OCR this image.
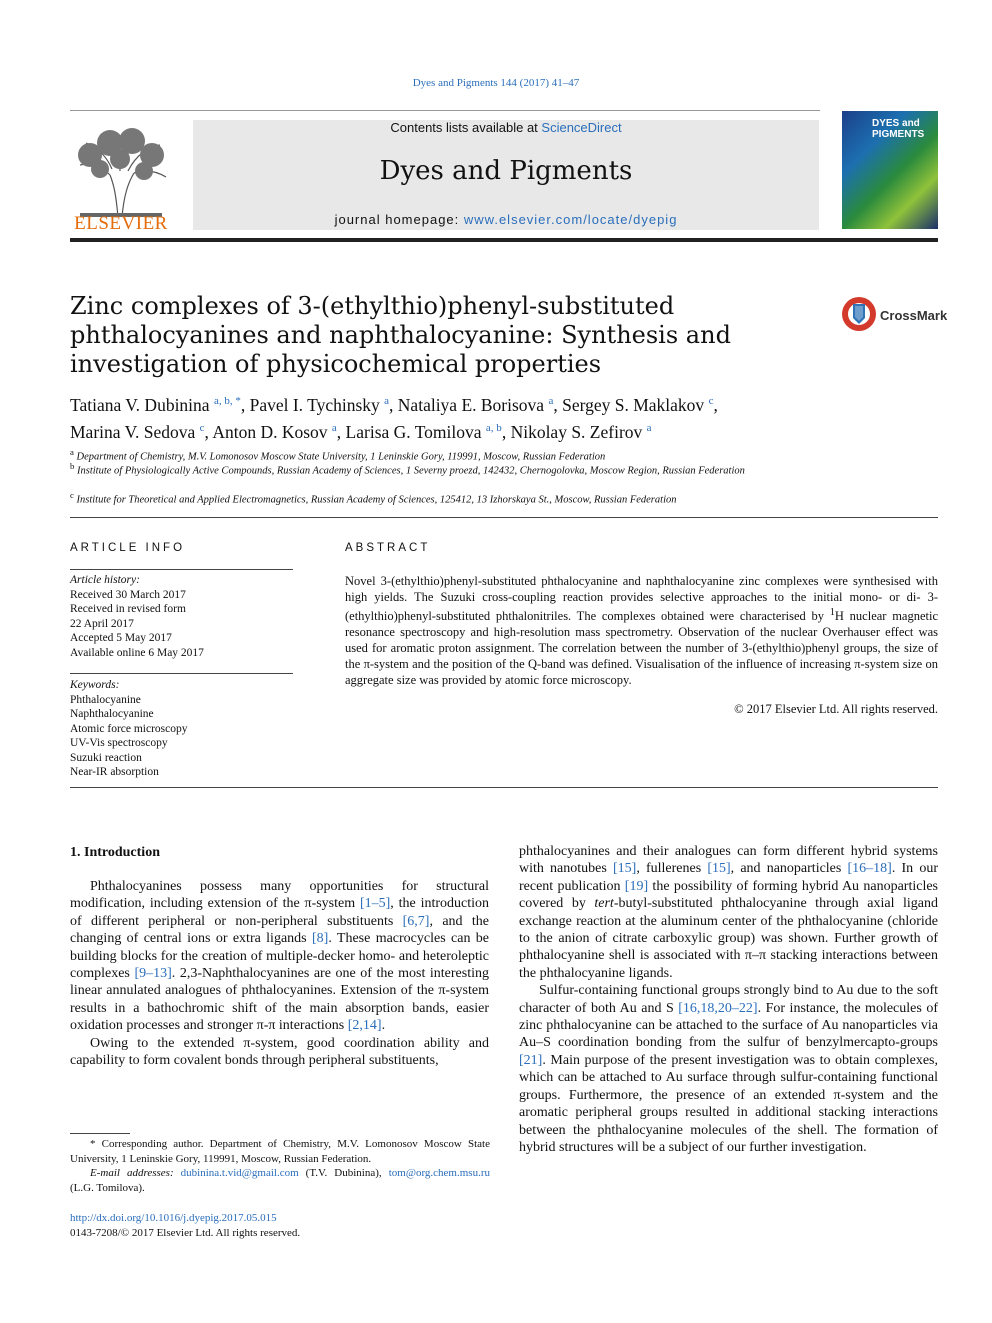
Dyes and Pigments 144 (2017) 41–47
ELSEVIER
Contents lists available at ScienceDirect
Dyes and Pigments
journal homepage: www.elsevier.com/locate/dyepig
DYES and PIGMENTS
Zinc complexes of 3-(ethylthio)phenyl-substituted phthalocyanines and naphthalocyanine: Synthesis and investigation of physicochemical properties
CrossMark
Tatiana V. Dubinina $^{a, b, *}$, Pavel I. Tychinsky $^a$, Nataliya E. Borisova $^a$, Sergey S. Maklakov $^c$,
Marina V. Sedova $^c$, Anton D. Kosov $^a$, Larisa G. Tomilova $^{a, b}$, Nikolay S. Zefirov $^a$
$^a$ Department of Chemistry, M.V. Lomonosov Moscow State University, 1 Leninskie Gory, 119991, Moscow, Russian Federation
$^b$ Institute of Physiologically Active Compounds, Russian Academy of Sciences, 1 Severny proezd, 142432, Chernogolovka, Moscow Region, Russian Federation
$^c$ Institute for Theoretical and Applied Electromagnetics, Russian Academy of Sciences, 125412, 13 Izhorskaya St., Moscow, Russian Federation
ARTICLE INFO
Article history:
Received 30 March 2017
Received in revised form
22 April 2017
Accepted 5 May 2017
Available online 6 May 2017
Keywords:
Phthalocyanine
Naphthalocyanine
Atomic force microscopy
UV-Vis spectroscopy
Suzuki reaction
Near-IR absorption
ABSTRACT
Novel 3-(ethylthio)phenyl-substituted phthalocyanine and naphthalocyanine zinc complexes were synthesised with high yields. The Suzuki cross-coupling reaction provides selective approaches to the initial mono- or di- 3-(ethylthio)phenyl-substituted phthalonitriles. The complexes obtained were characterised by $^1$H nuclear magnetic resonance spectroscopy and high-resolution mass spectrometry. Observation of the nuclear Overhauser effect was used for aromatic proton assignment. The correlation between the number of 3-(ethylthio)phenyl groups, the size of the π-system and the position of the Q-band was defined. Visualisation of the influence of increasing π-system size on aggregate size was provided by atomic force microscopy.
© 2017 Elsevier Ltd. All rights reserved.
1. Introduction
Phthalocyanines possess many opportunities for structural modification, including extension of the π-system [1–5], the introduction of different peripheral or non-peripheral substituents [6,7], and the changing of central ions or extra ligands [8]. These macrocycles can be building blocks for the creation of multiple-decker homo- and heteroleptic complexes [9–13]. 2,3-Naphthalocyanines are one of the most interesting linear annulated analogues of phthalocyanines. Extension of the π-system results in a bathochromic shift of the main absorption bands, easier oxidation processes and stronger π-π interactions [2,14].
Owing to the extended π-system, good coordination ability and capability to form covalent bonds through peripheral substituents,
phthalocyanines and their analogues can form different hybrid systems with nanotubes [15], fullerenes [15], and nanoparticles [16–18]. In our recent publication [19] the possibility of forming hybrid Au nanoparticles covered by tert-butyl-substituted phthalocyanine through axial ligand exchange reaction at the aluminum center of the phthalocyanine (chloride to the anion of citrate carboxylic group) was shown. Further growth of phthalocyanine shell is associated with π–π stacking interactions between the phthalocyanine ligands.
Sulfur-containing functional groups strongly bind to Au due to the soft character of both Au and S [16,18,20–22]. For instance, the molecules of zinc phthalocyanine can be attached to the surface of Au nanoparticles via Au–S coordination bonding from the sulfur of benzylmercapto-groups [21]. Main purpose of the present investigation was to obtain complexes, which can be attached to Au surface through sulfur-containing functional groups. Furthermore, the presence of an extended π-system and the aromatic peripheral groups resulted in additional stacking interactions between the phthalocyanine molecules of the shell. The formation of hybrid structures will be a subject of our further investigation.
* Corresponding author. Department of Chemistry, M.V. Lomonosov Moscow State University, 1 Leninskie Gory, 119991, Moscow, Russian Federation.
E-mail addresses: dubinina.t.vid@gmail.com (T.V. Dubinina), tom@org.chem.msu.ru (L.G. Tomilova).
http://dx.doi.org/10.1016/j.dyepig.2017.05.015
0143-7208/© 2017 Elsevier Ltd. All rights reserved.
